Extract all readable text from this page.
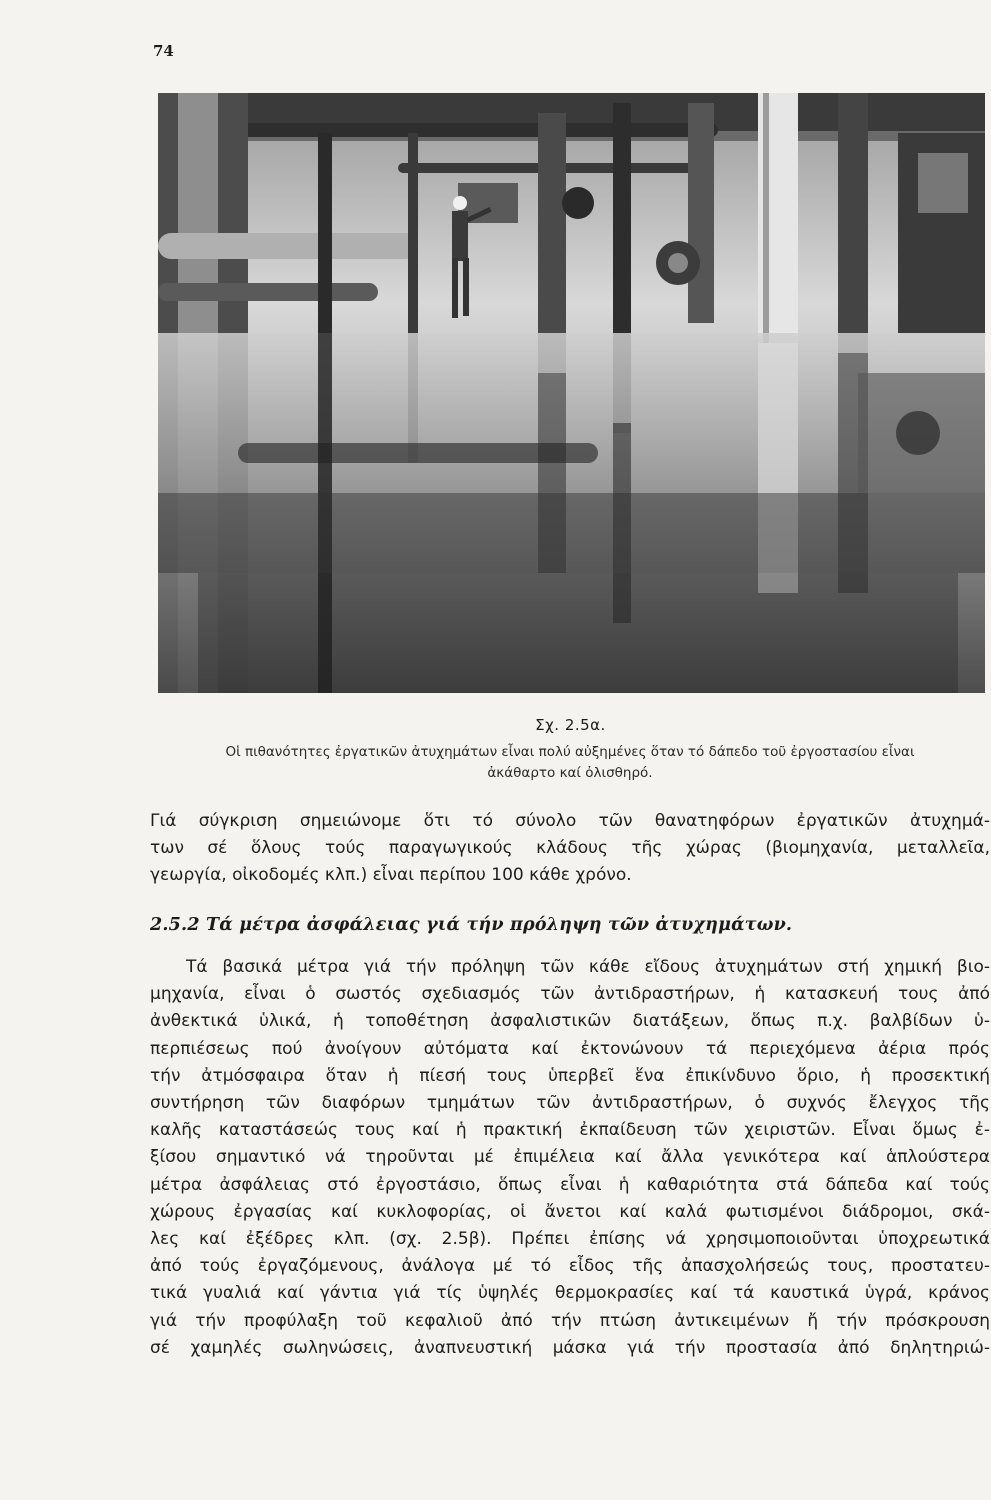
74
Σχ. 2.5α.
Οἱ πιθανότητες ἐργατικῶν ἀτυχημάτων εἶναι πολύ αὐξημένες ὅταν τό δάπεδο τοῦ ἐργοστασίου εἶναι
ἀκάθαρτο καί ὀλισθηρό.
Γιά σύγκριση σημειώνομε ὅτι τό σύνολο τῶν θανατηφόρων ἐργατικῶν ἀτυχημά-
των σέ ὅλους τούς παραγωγικούς κλάδους τῆς χώρας (βιομηχανία, μεταλλεῖα,
γεωργία, οἰκοδομές κλπ.) εἶναι περίπου 100 κάθε χρόνο.
2.5.2 Τά μέτρα ἀσφάλειας γιά τήν πρόληψη τῶν ἀτυχημάτων.
Τά βασικά μέτρα γιά τήν πρόληψη τῶν κάθε εἴδους ἀτυχημάτων στή χημική βιο-
μηχανία, εἶναι ὁ σωστός σχεδιασμός τῶν ἀντιδραστήρων, ἡ κατασκευή τους ἀπό
ἀνθεκτικά ὑλικά, ἡ τοποθέτηση ἀσφαλιστικῶν διατάξεων, ὅπως π.χ. βαλβίδων ὑ-
περπιέσεως πού ἀνοίγουν αὐτόματα καί ἐκτονώνουν τά περιεχόμενα ἀέρια πρός
τήν ἀτμόσφαιρα ὅταν ἡ πίεσή τους ὑπερβεῖ ἕνα ἐπικίνδυνο ὅριο, ἡ προσεκτική
συντήρηση τῶν διαφόρων τμημάτων τῶν ἀντιδραστήρων, ὁ συχνός ἔλεγχος τῆς
καλῆς καταστάσεώς τους καί ἡ πρακτική ἐκπαίδευση τῶν χειριστῶν. Εἶναι ὅμως ἐ-
ξίσου σημαντικό νά τηροῦνται μέ ἐπιμέλεια καί ἄλλα γενικότερα καί ἁπλούστερα
μέτρα ἀσφάλειας στό ἐργοστάσιο, ὅπως εἶναι ἡ καθαριότητα στά δάπεδα καί τούς
χώρους ἐργασίας καί κυκλοφορίας, οἱ ἄνετοι καί καλά φωτισμένοι διάδρομοι, σκά-
λες καί ἐξέδρες κλπ. (σχ. 2.5β). Πρέπει ἐπίσης νά χρησιμοποιοῦνται ὑποχρεωτικά
ἀπό τούς ἐργαζόμενους, ἀνάλογα μέ τό εἶδος τῆς ἀπασχολήσεώς τους, προστατευ-
τικά γυαλιά καί γάντια γιά τίς ὑψηλές θερμοκρασίες καί τά καυστικά ὑγρά, κράνος
γιά τήν προφύλαξη τοῦ κεφαλιοῦ ἀπό τήν πτώση ἀντικειμένων ἤ τήν πρόσκρουση
σέ χαμηλές σωληνώσεις, ἀναπνευστική μάσκα γιά τήν προστασία ἀπό δηλητηριώ-
